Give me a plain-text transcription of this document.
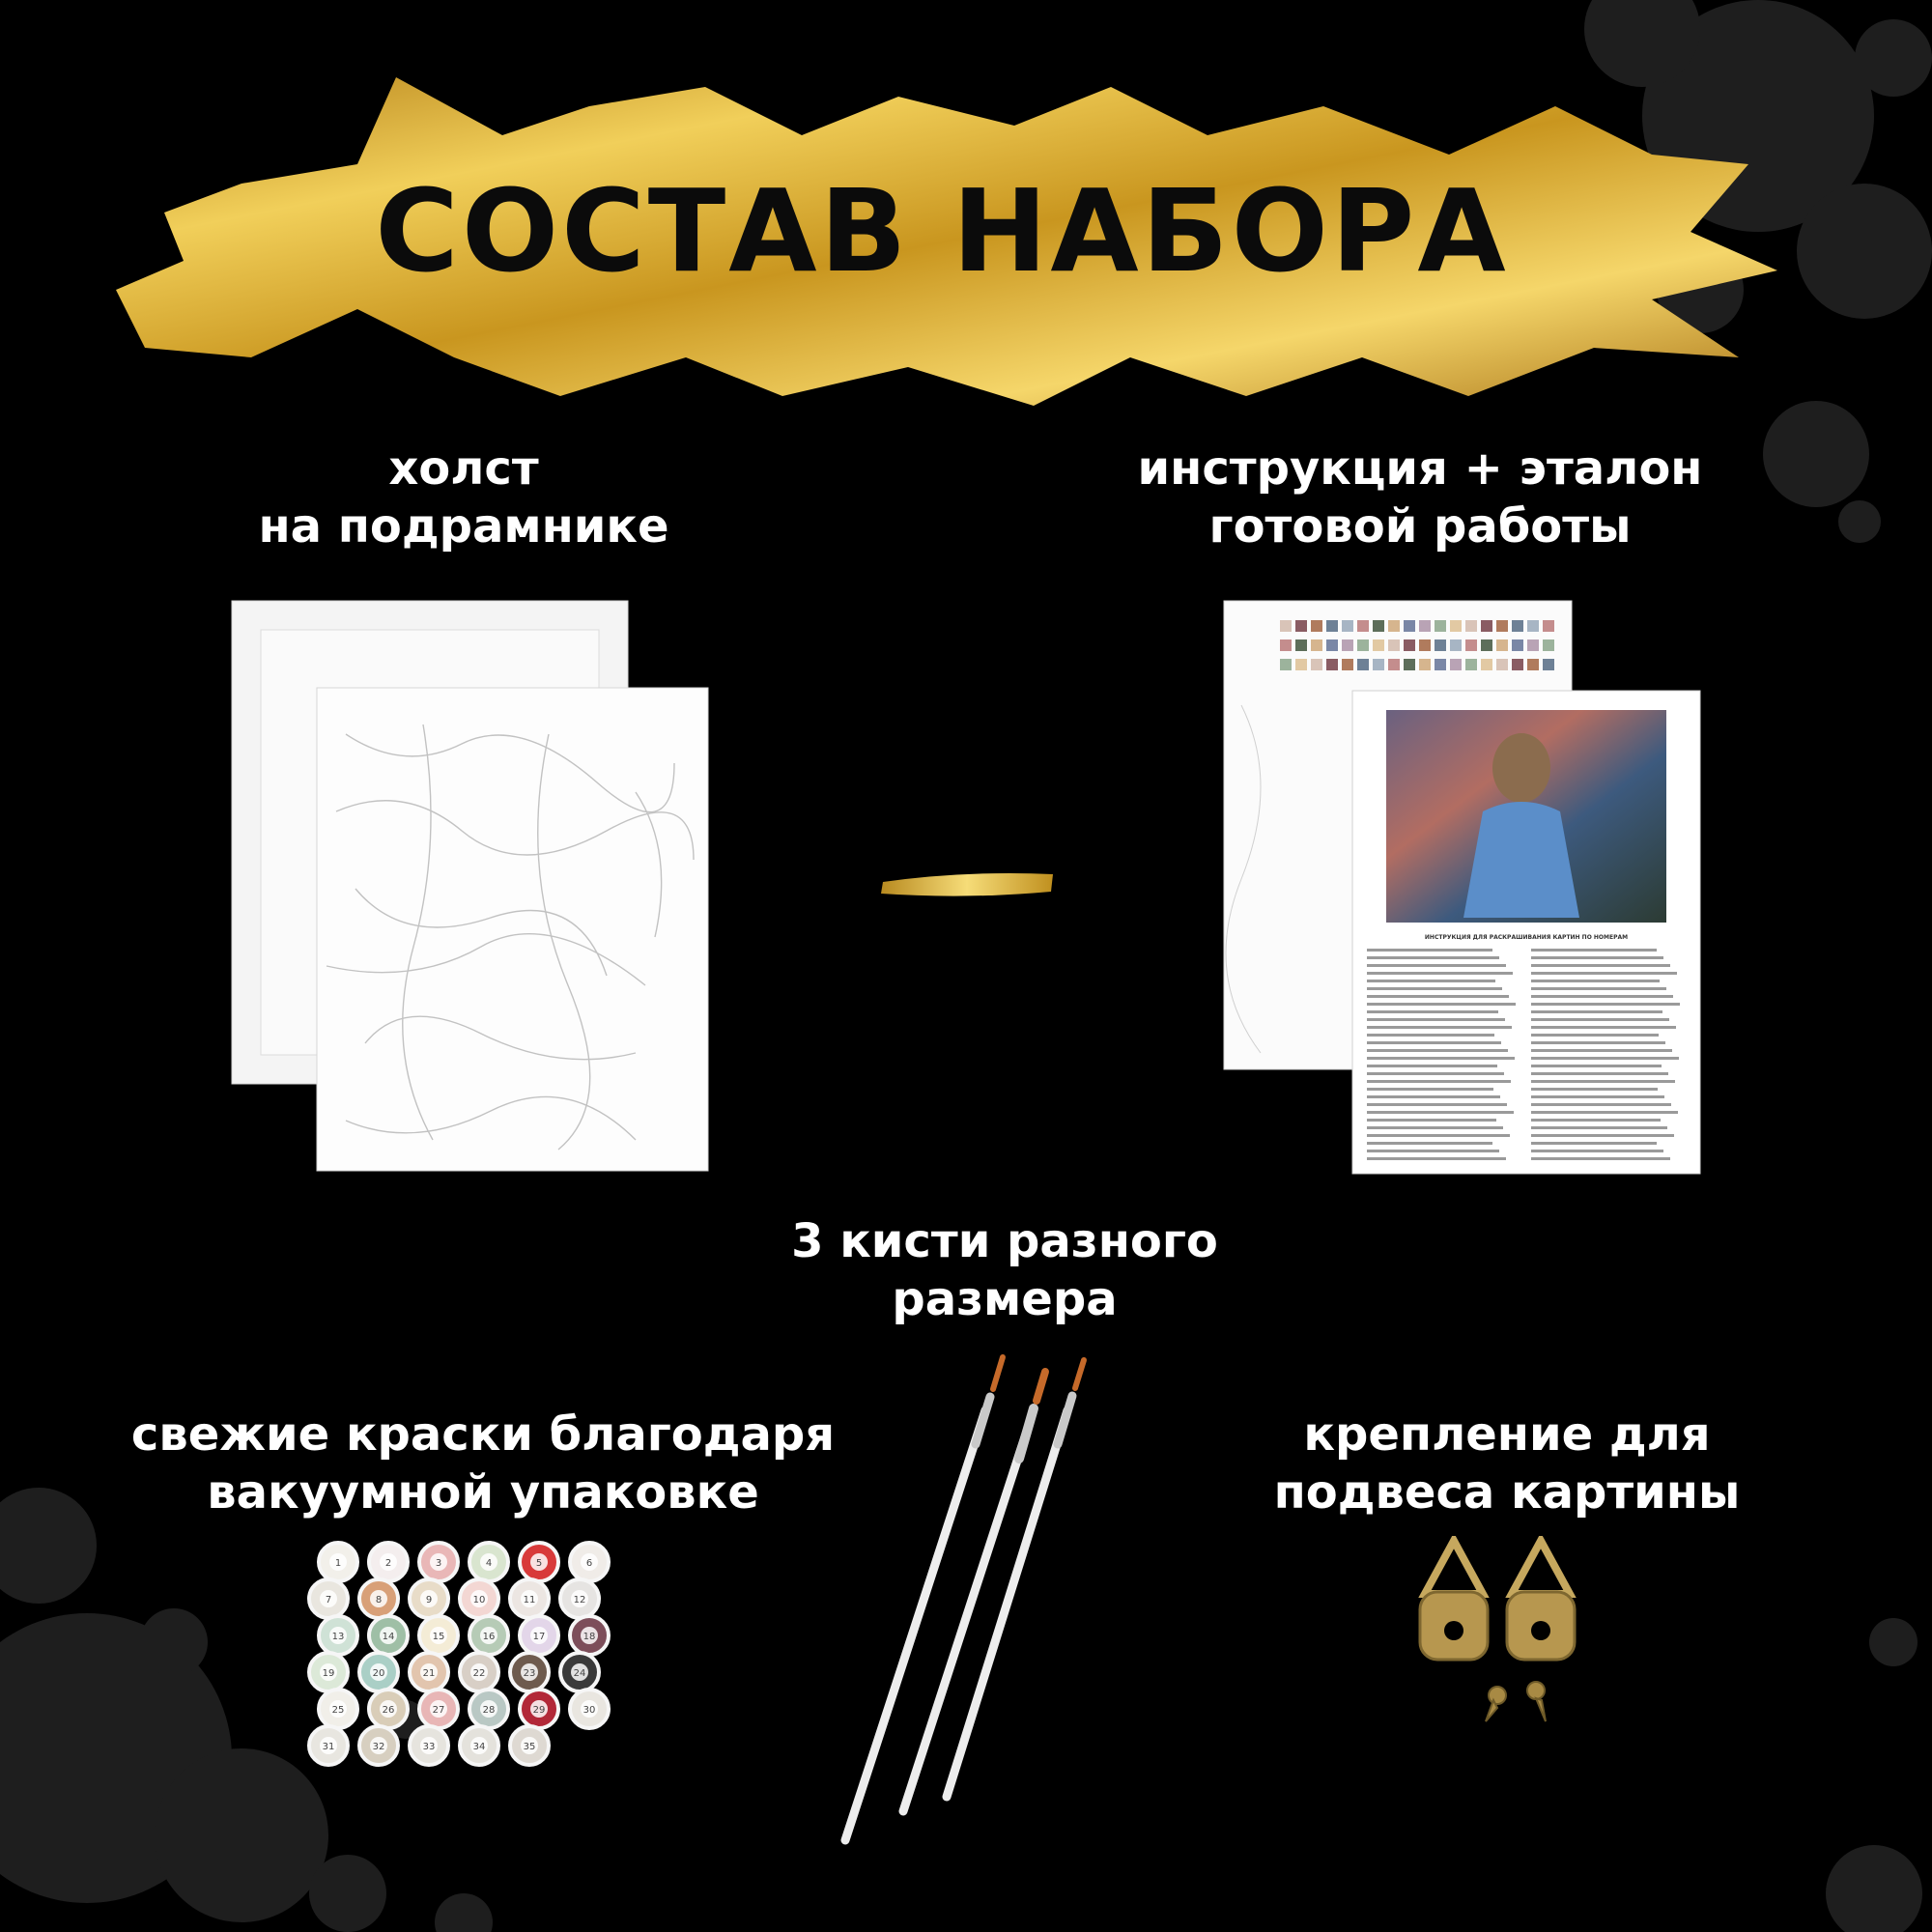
СОСТАВ НАБОРА
холст
на подрамнике
инструкция + эталон
готовой работы
ИНСТРУКЦИЯ ДЛЯ РАСКРАШИВАНИЯ КАРТИН ПО НОМЕРАМ
3 кисти разного
размера
свежие краски благодаря
вакуумной упаковке
крепление для
подвеса картины
1	2	3	4	5	6
7	8	9	10	11	12
13	14	15	16	17	18
19	20	21	22	23	24
25	26	27	28	29	30
31	32	33	34	35
